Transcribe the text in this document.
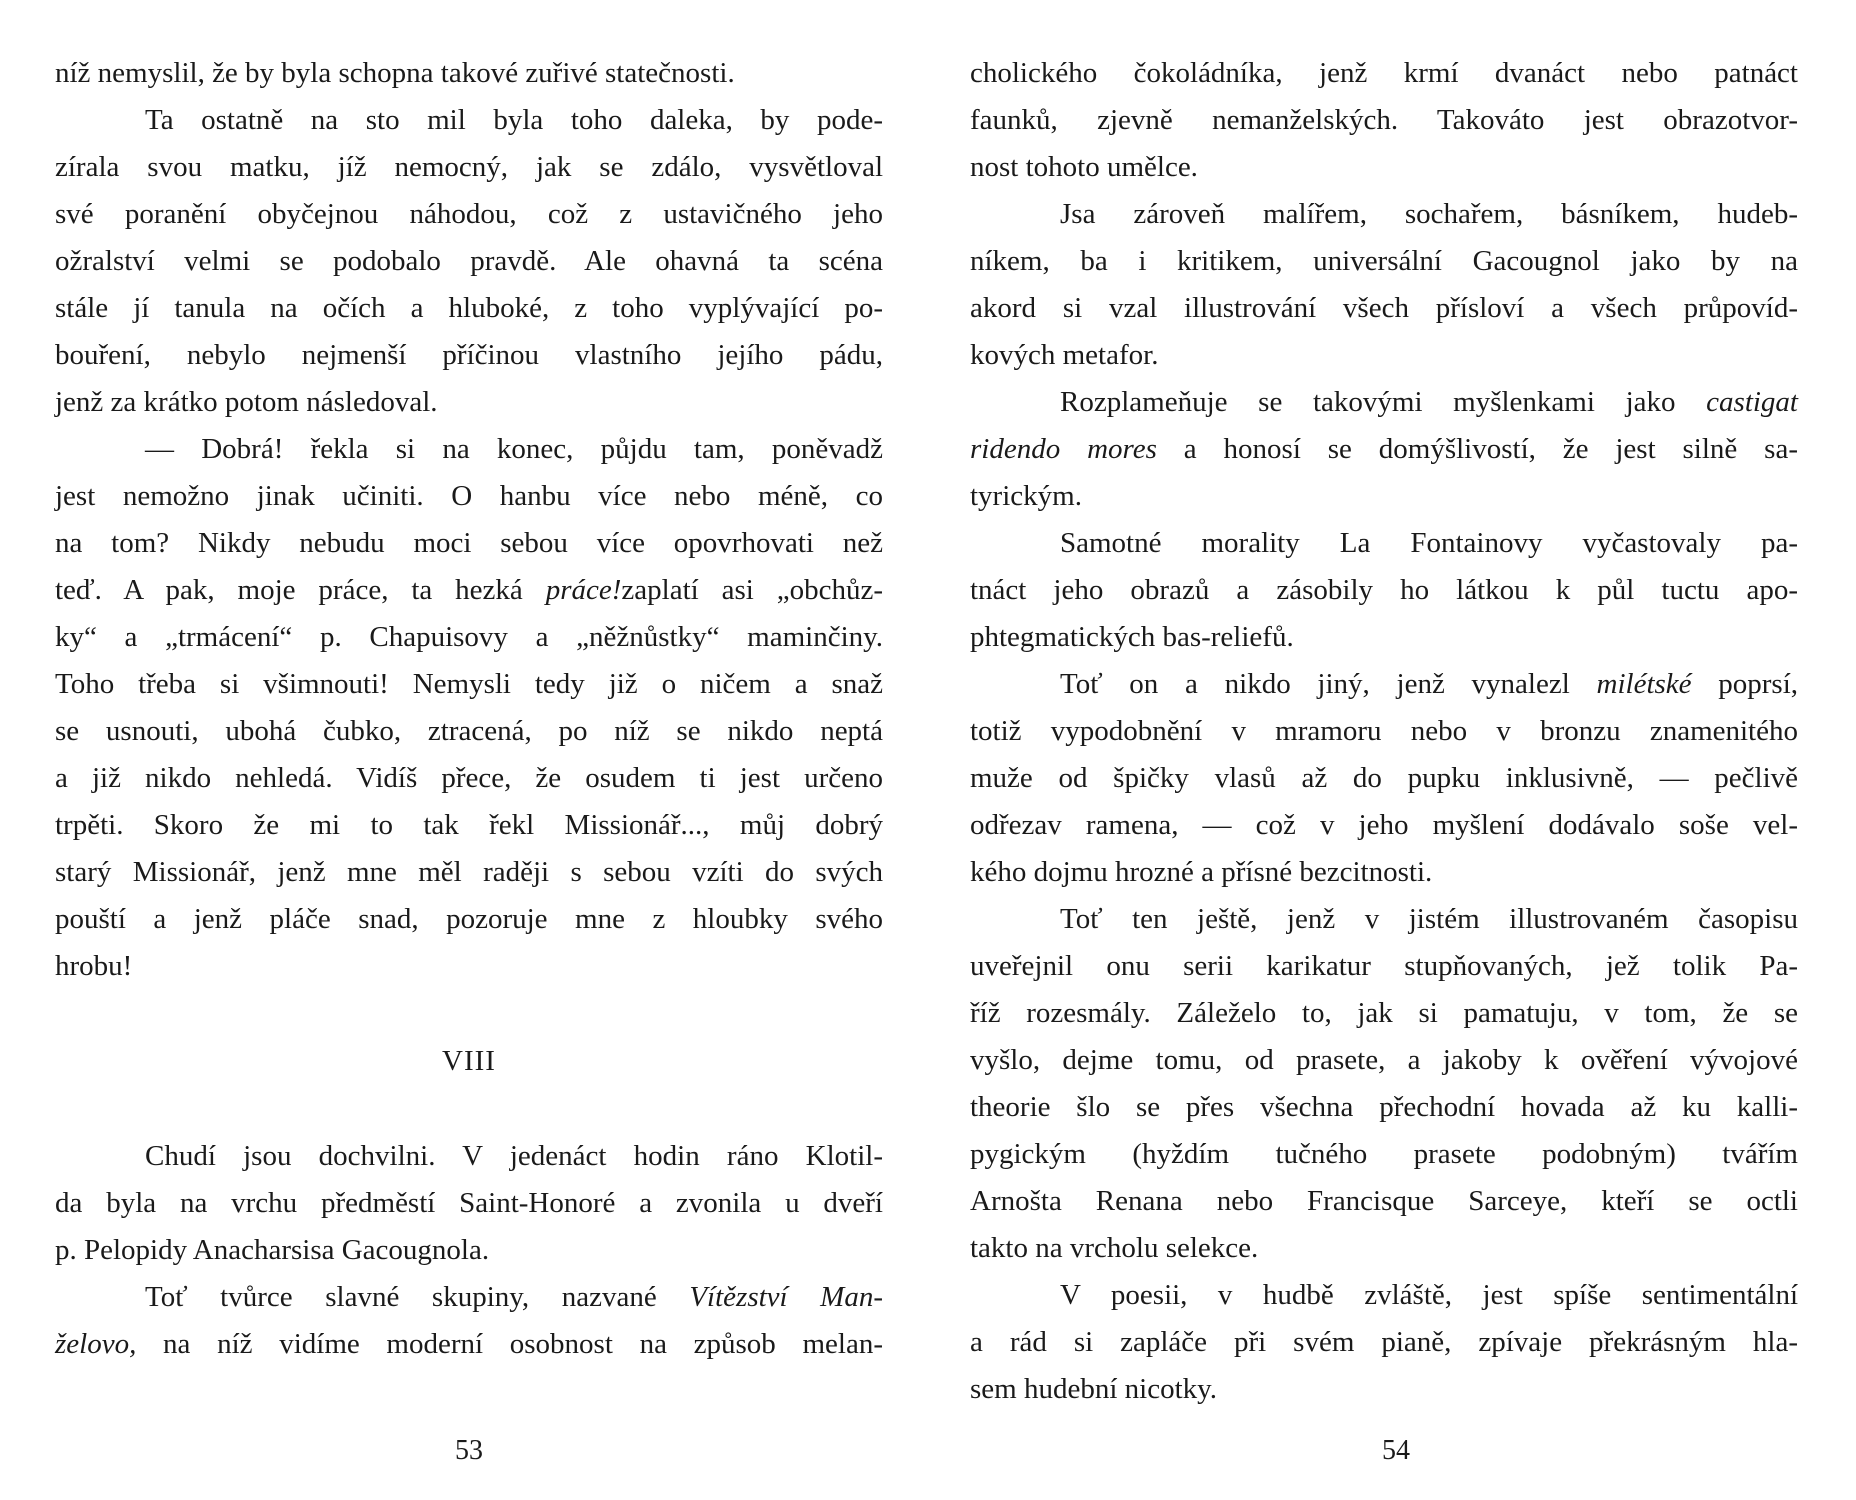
níž nemyslil, že by byla schopna takové zuřivé statečnosti.
Ta ostatně na sto mil byla toho daleka, by pode-
zírala svou matku, jíž nemocný, jak se zdálo, vysvětloval
své poranění obyčejnou náhodou, což z ustavičného jeho
ožralství velmi se podobalo pravdě. Ale ohavná ta scéna
stále jí tanula na očích a hluboké, z toho vyplývající po-
bouření, nebylo nejmenší příčinou vlastního jejího pádu,
jenž za krátko potom následoval.
— Dobrá! řekla si na konec, půjdu tam, poněvadž
jest nemožno jinak učiniti. O hanbu více nebo méně, co
na tom? Nikdy nebudu moci sebou více opovrhovati než
teď. A pak, moje práce, ta hezká práce!zaplatí asi „obchůz-
ky“ a „trmácení“ p. Chapuisovy a „něžnůstky“ maminčiny.
Toho třeba si všimnouti! Nemysli tedy již o ničem a snaž
se usnouti, ubohá čubko, ztracená, po níž se nikdo neptá
a již nikdo nehledá. Vidíš přece, že osudem ti jest určeno
trpěti. Skoro že mi to tak řekl Missionář..., můj dobrý
starý Missionář, jenž mne měl raději s sebou vzíti do svých
pouští a jenž pláče snad, pozoruje mne z hloubky svého
hrobu!
VIII
Chudí jsou dochvilni. V jedenáct hodin ráno Klotil-
da byla na vrchu předměstí Saint-Honoré a zvonila u dveří
p. Pelopidy Anacharsisa Gacougnola.
Toť tvůrce slavné skupiny, nazvané Vítězství Man-
želovo, na níž vidíme moderní osobnost na způsob melan-
53
cholického čokoládníka, jenž krmí dvanáct nebo patnáct
faunků, zjevně nemanželských. Takováto jest obrazotvor-
nost tohoto umělce.
Jsa zároveň malířem, sochařem, básníkem, hudeb-
níkem, ba i kritikem, universální Gacougnol jako by na
akord si vzal illustrování všech přísloví a všech průpovíd-
kových metafor.
Rozplameňuje se takovými myšlenkami jako castigat
ridendo mores a honosí se domýšlivostí, že jest silně sa-
tyrickým.
Samotné morality La Fontainovy vyčastovaly pa-
tnáct jeho obrazů a zásobily ho látkou k půl tuctu apo-
phtegmatických bas-reliefů.
Toť on a nikdo jiný, jenž vynalezl milétské poprsí,
totiž vypodobnění v mramoru nebo v bronzu znamenitého
muže od špičky vlasů až do pupku inklusivně, — pečlivě
odřezav ramena, — což v jeho myšlení dodávalo soše vel-
kého dojmu hrozné a přísné bezcitnosti.
Toť ten ještě, jenž v jistém illustrovaném časopisu
uveřejnil onu serii karikatur stupňovaných, jež tolik Pa-
říž rozesmály. Záleželo to, jak si pamatuju, v tom, že se
vyšlo, dejme tomu, od prasete, a jakoby k ověření vývojové
theorie šlo se přes všechna přechodní hovada až ku kalli-
pygickým (hyždím tučného prasete podobným) tvářím
Arnošta Renana nebo Francisque Sarceye, kteří se octli
takto na vrcholu selekce.
V poesii, v hudbě zvláště, jest spíše sentimentální
a rád si zapláče při svém pianě, zpívaje překrásným hla-
sem hudební nicotky.
54
